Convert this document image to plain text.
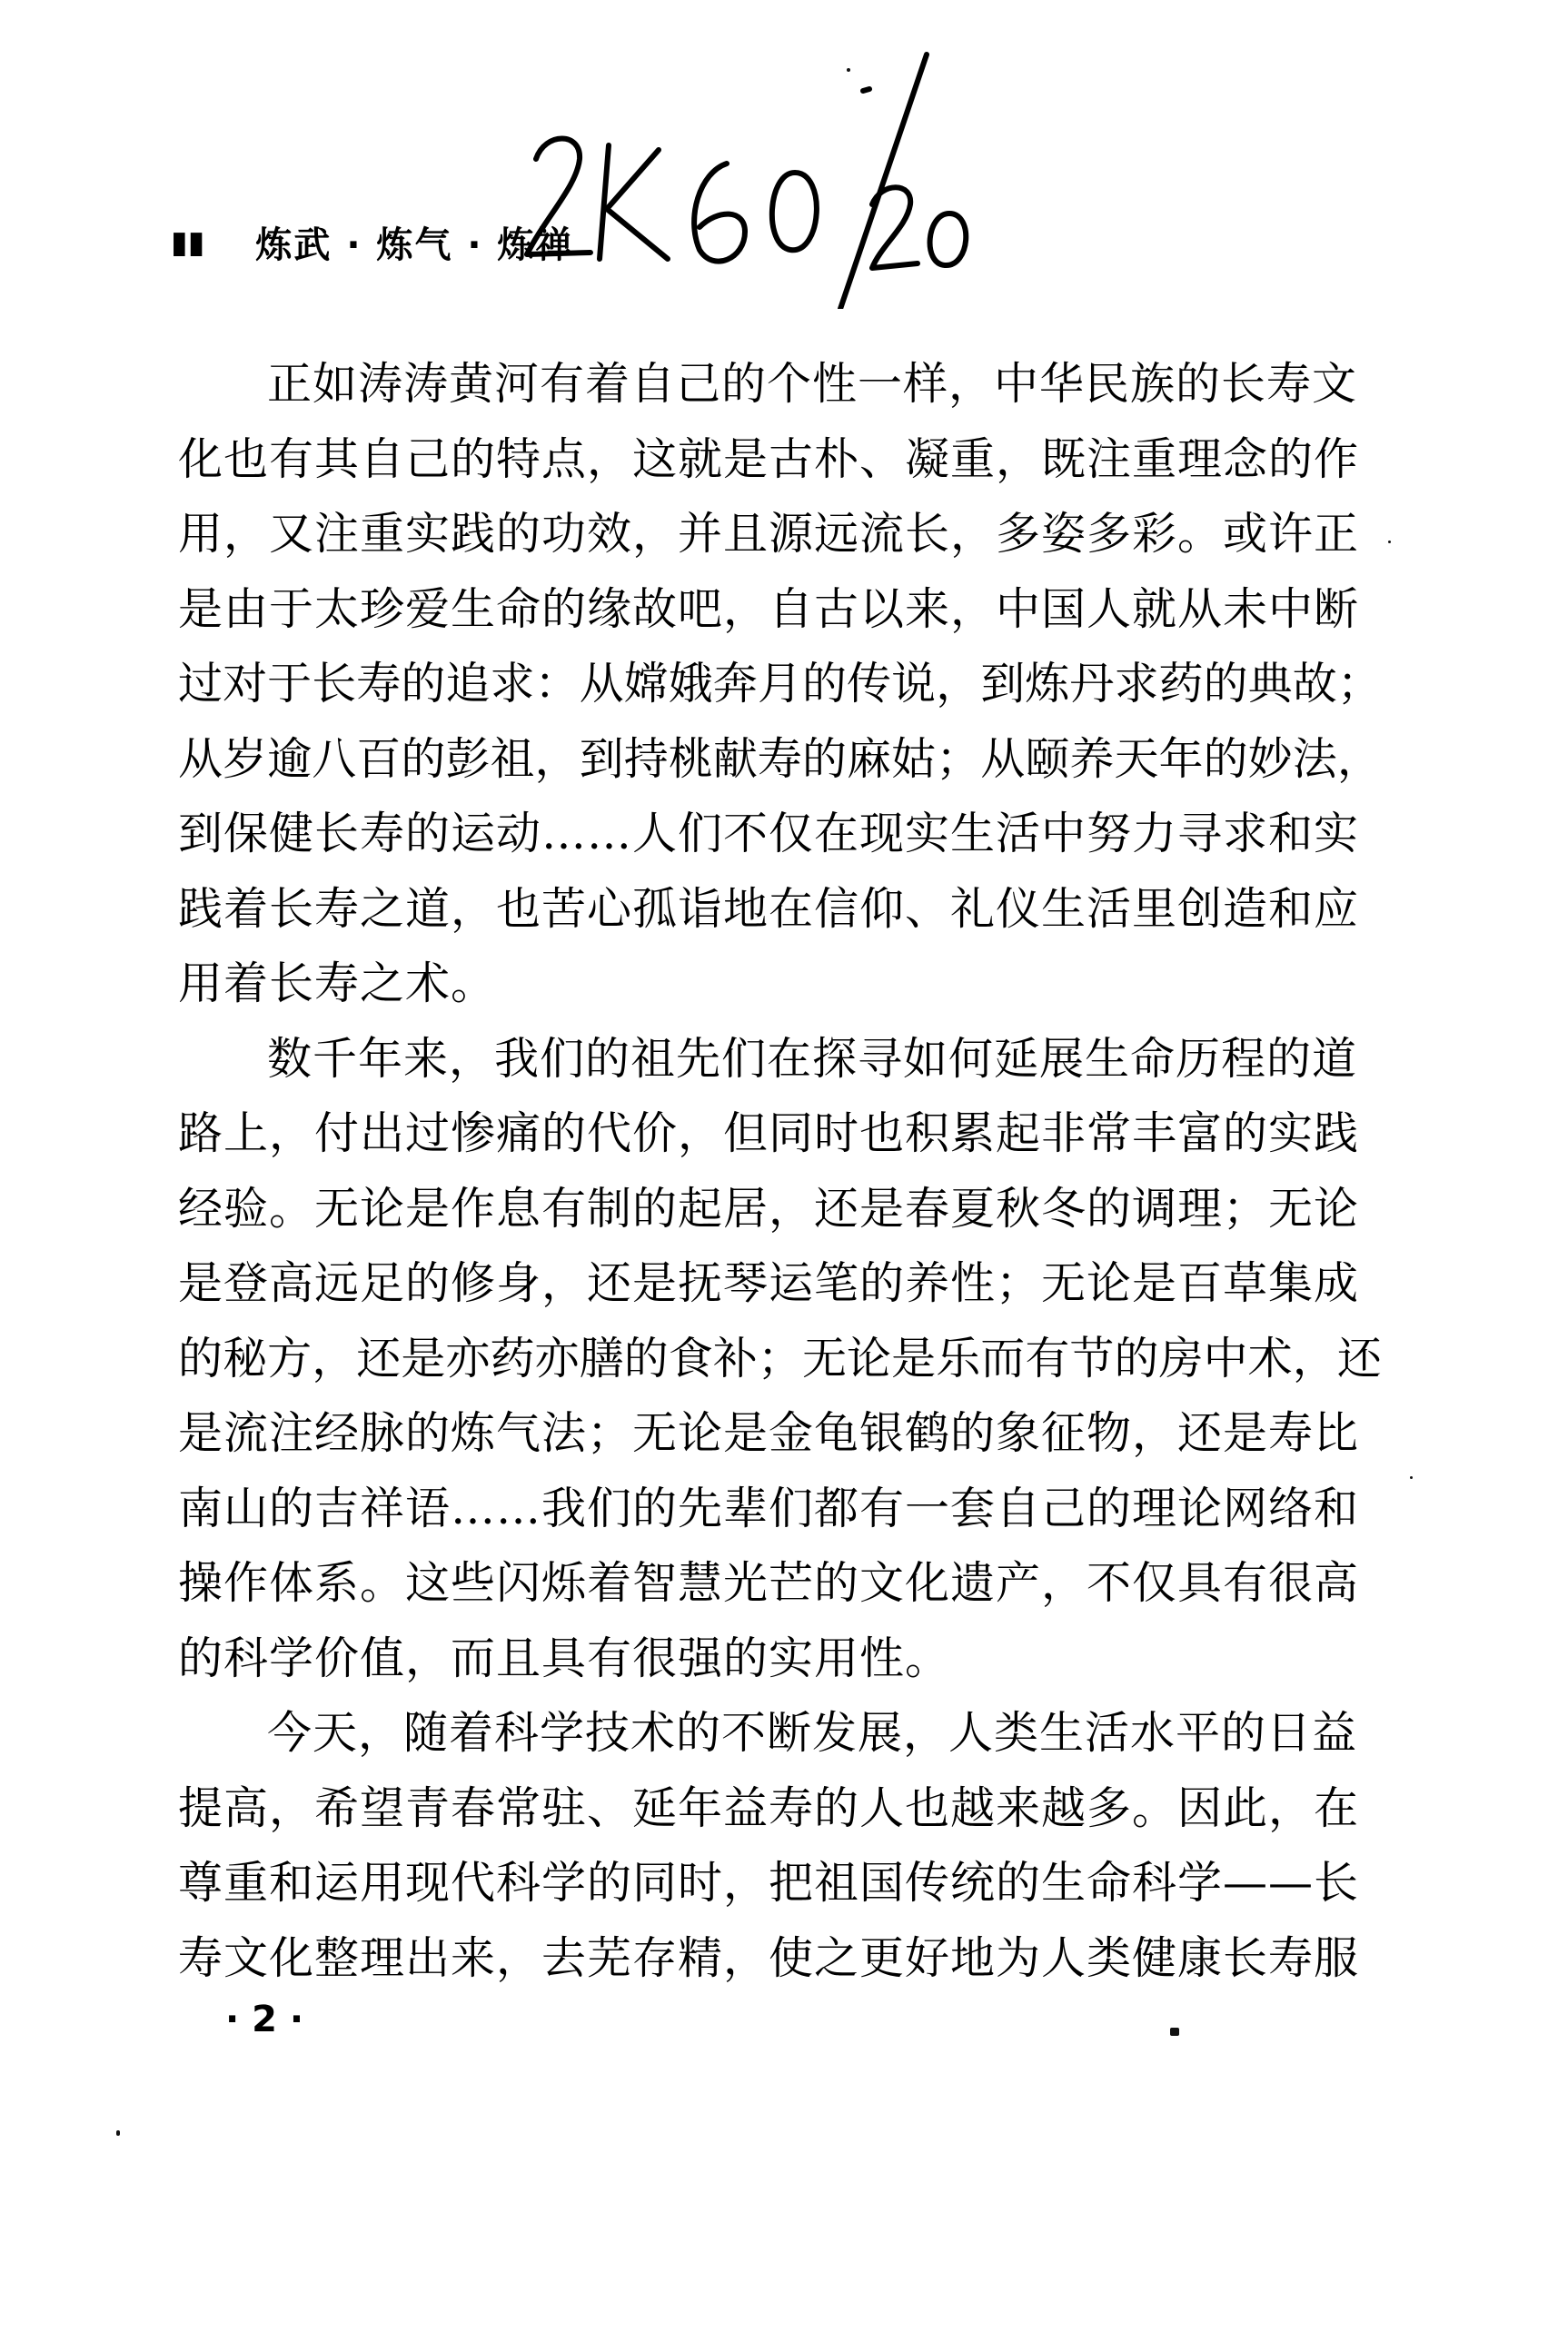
▮▮ 炼武 · 炼气 · 炼禅
正如涛涛黄河有着自己的个性一样，中华民族的长寿文
化也有其自己的特点，这就是古朴、凝重，既注重理念的作
用，又注重实践的功效，并且源远流长，多姿多彩。或许正
是由于太珍爱生命的缘故吧，自古以来，中国人就从未中断
过对于长寿的追求：从嫦娥奔月的传说，到炼丹求药的典故；
从岁逾八百的彭祖，到持桃献寿的麻姑；从颐养天年的妙法，
到保健长寿的运动……人们不仅在现实生活中努力寻求和实
践着长寿之道，也苦心孤诣地在信仰、礼仪生活里创造和应
用着长寿之术。
数千年来，我们的祖先们在探寻如何延展生命历程的道
路上，付出过惨痛的代价，但同时也积累起非常丰富的实践
经验。无论是作息有制的起居，还是春夏秋冬的调理；无论
是登高远足的修身，还是抚琴运笔的养性；无论是百草集成
的秘方，还是亦药亦膳的食补；无论是乐而有节的房中术，还
是流注经脉的炼气法；无论是金龟银鹤的象征物，还是寿比
南山的吉祥语……我们的先辈们都有一套自己的理论网络和
操作体系。这些闪烁着智慧光芒的文化遗产，不仅具有很高
的科学价值，而且具有很强的实用性。
今天，随着科学技术的不断发展，人类生活水平的日益
提高，希望青春常驻、延年益寿的人也越来越多。因此，在
尊重和运用现代科学的同时，把祖国传统的生命科学——长
寿文化整理出来，去芜存精，使之更好地为人类健康长寿服
· 2 ·
